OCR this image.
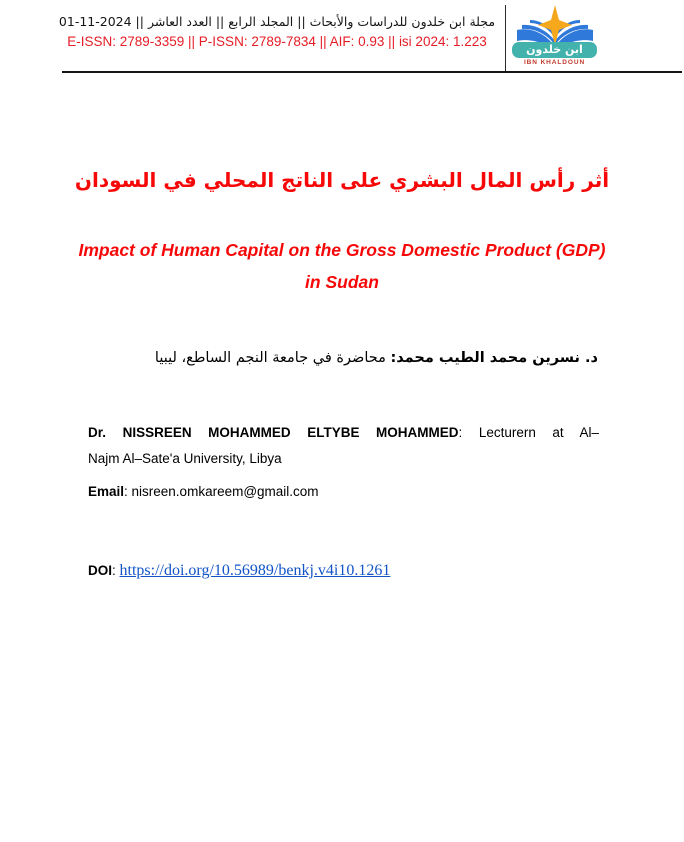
مجلة ابن خلدون للدراسات والأبحاث || المجلد الرابع || العدد العاشر || 2024-11-01
E-ISSN: 2789-3359 || P-ISSN: 2789-7834 || AIF: 0.93 || isi 2024: 1.223
ابن خلدون
IBN KHALDOUN
أثر رأس المال البشري على الناتج المحلي في السودان
Impact of Human Capital on the Gross Domestic Product (GDP)
in Sudan
د. نسرين محمد الطيب محمد: محاضرة في جامعة النجم الساطع، ليبيا
Dr. NISSREEN MOHAMMED ELTYBE MOHAMMED: Lecturern at Al–
Najm Al–Sate'a University, Libya
Email: nisreen.omkareem@gmail.com
DOI: https://doi.org/10.56989/benkj.v4i10.1261
